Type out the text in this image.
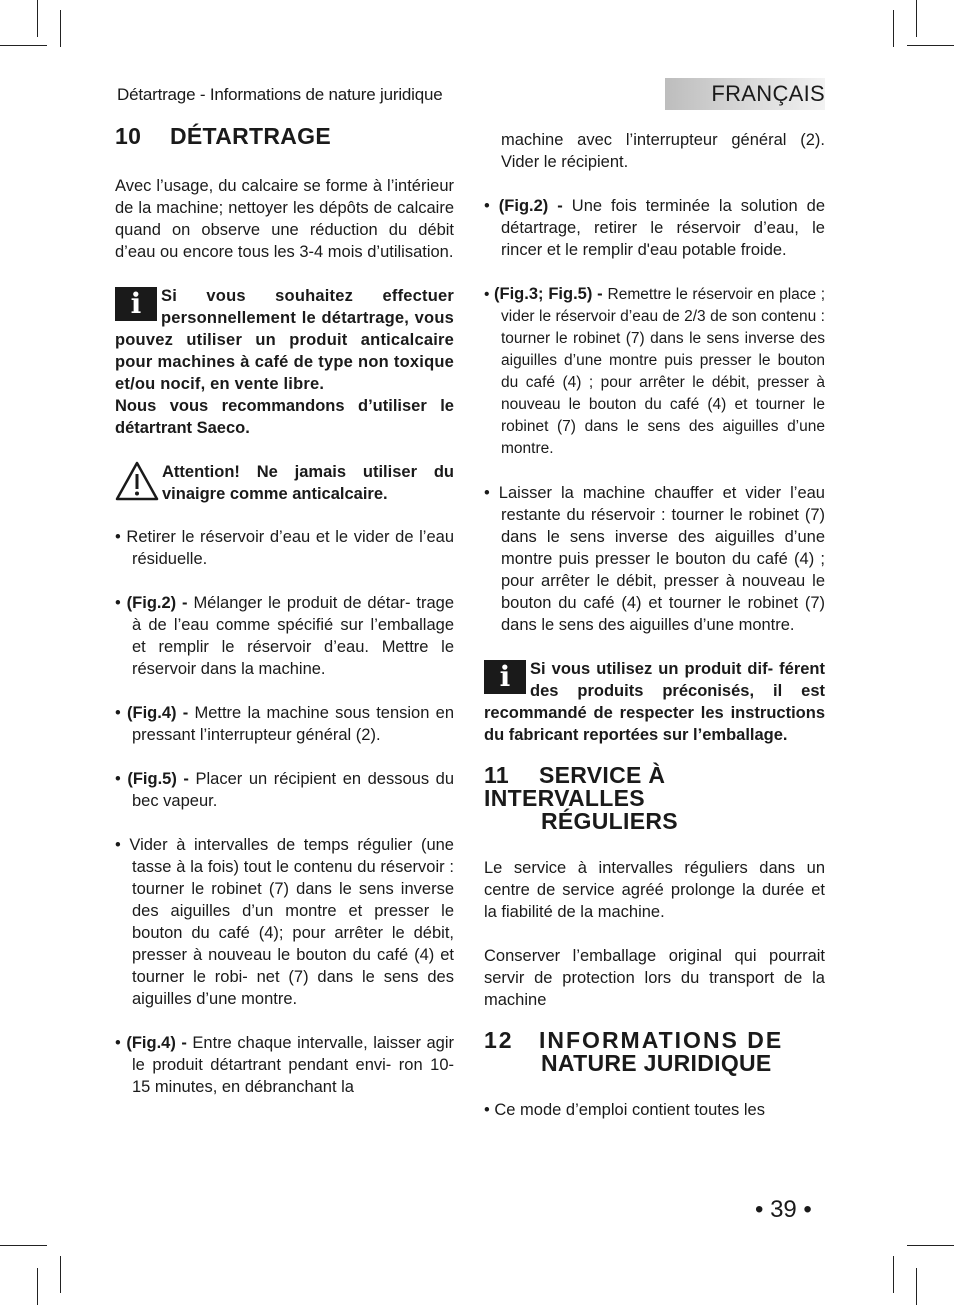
Détartrage - Informations de nature juridique	FRANÇAIS
10 DÉTARTRAGE

Avec l’usage, du calcaire se forme à l’intérieur de la machine; nettoyer les dépôts de calcaire quand on observe une réduction du débit d’eau ou encore tous les 3-4 mois d’utilisation.

i	Si vous souhaitez effectuer personnellement le détartrage, vous pouvez utiliser un produit anticalcaire pour machines à café de type non toxique et/ou nocif, en vente libre.

Nous vous recommandons d’utiliser le détartrant Saeco.

Attention! Ne jamais utiliser du vinaigre comme anticalcaire.

• Retirer le réservoir d’eau et le vider de l’eau résiduelle.

• (Fig.2) - Mélanger le produit de détar- trage à de l’eau comme spécifié sur l’emballage et remplir le réservoir d’eau. Mettre le réservoir dans la machine.

• (Fig.4) - Mettre la machine sous tension en pressant l’interrupteur général (2).

• (Fig.5) - Placer un récipient en dessous du bec vapeur.

• Vider à intervalles de temps régulier (une tasse à la fois) tout le contenu du réservoir : tourner le robinet (7) dans le sens inverse des aiguilles d’un montre et presser le bouton du café (4); pour arrêter le débit, presser à nouveau le bouton du café (4) et tourner le robi- net (7) dans le sens des aiguilles d’une montre.

• (Fig.4) - Entre chaque intervalle, laisser agir le produit détartrant pendant envi- ron 10-15 minutes, en débranchant la

machine avec l’interrupteur général (2). Vider le récipient.

• (Fig.2) - Une fois terminée la solution de détartrage, retirer le réservoir d’eau, le rincer et le remplir d'eau potable froide.

• (Fig.3; Fig.5) - Remettre le réservoir en place ; vider le réservoir d’eau de 2/3 de son contenu : tourner le robinet (7) dans le sens inverse des aiguilles d’une montre puis presser le bouton du café (4) ; pour arrêter le débit, presser à nouveau le bouton du café (4) et tourner le robinet (7) dans le sens des aiguilles d’une montre.

• Laisser la machine chauffer et vider l’eau restante du réservoir : tourner le robinet (7) dans le sens inverse des aiguilles d’une montre puis presser le bouton du café (4) ; pour arrêter le débit, presser à nouveau le bouton du café (4) et tourner le robinet (7) dans le sens des aiguilles d’une montre.

i	Si vous utilisez un produit dif- férent des produits préconisés, il est recommandé de respecter les instructions du fabricant reportées sur l’emballage.

11 SERVICE À INTERVALLES
RÉGULIERS

Le service à intervalles réguliers dans un centre de service agréé prolonge la durée et la fiabilité de la machine.

Conserver l’emballage original qui pourrait servir de protection lors du transport de la machine

12 INFORMATIONS DE
NATURE JURIDIQUE

• Ce mode d’emploi contient toutes les

• 39 •
